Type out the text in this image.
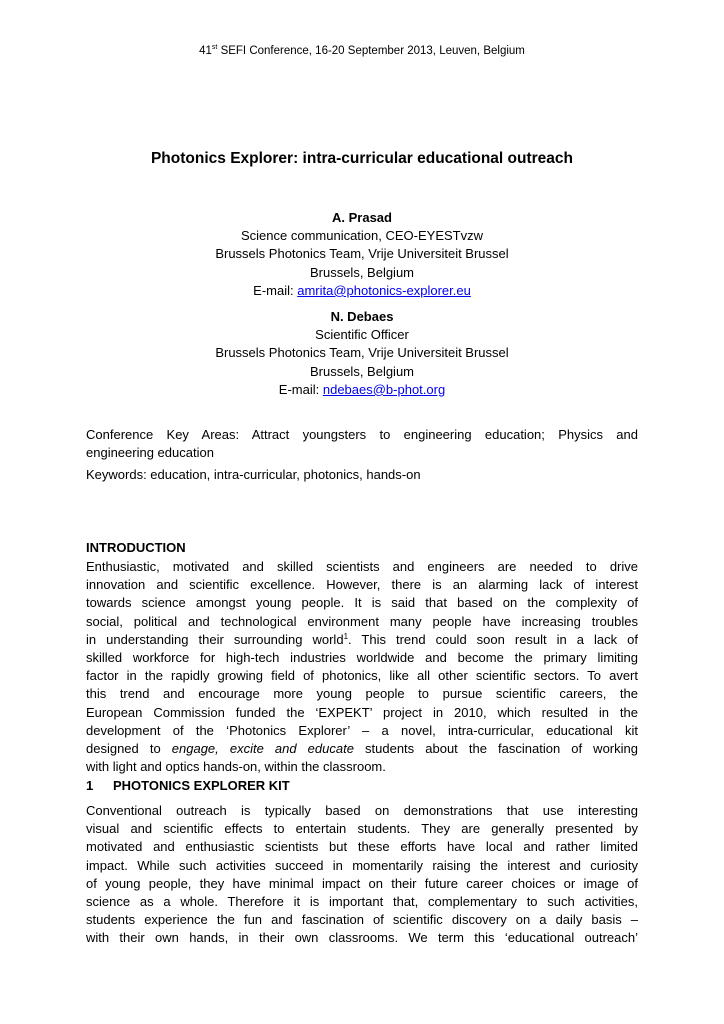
41st SEFI Conference, 16-20 September 2013, Leuven, Belgium
Photonics Explorer: intra-curricular educational outreach
A. Prasad
Science communication, CEO-EYESTvzw
Brussels Photonics Team, Vrije Universiteit Brussel
Brussels, Belgium
E-mail: amrita@photonics-explorer.eu
N. Debaes
Scientific Officer
Brussels Photonics Team, Vrije Universiteit Brussel
Brussels, Belgium
E-mail: ndebaes@b-phot.org
Conference Key Areas: Attract youngsters to engineering education; Physics and
engineering education
Keywords: education, intra-curricular, photonics, hands-on
INTRODUCTION
Enthusiastic, motivated and skilled scientists and engineers are needed to drive
innovation and scientific excellence. However, there is an alarming lack of interest
towards science amongst young people. It is said that based on the complexity of
social, political and technological environment many people have increasing troubles
in understanding their surrounding world$^1$. This trend could soon result in a lack of
skilled workforce for high-tech industries worldwide and become the primary limiting
factor in the rapidly growing field of photonics, like all other scientific sectors. To avert
this trend and encourage more young people to pursue scientific careers, the
European Commission funded the ‘EXPEKT’ project in 2010, which resulted in the
development of the ‘Photonics Explorer’ – a novel, intra-curricular, educational kit
designed to engage, excite and educate students about the fascination of working
with light and optics hands-on, within the classroom.
1 PHOTONICS EXPLORER KIT
Conventional outreach is typically based on demonstrations that use interesting
visual and scientific effects to entertain students. They are generally presented by
motivated and enthusiastic scientists but these efforts have local and rather limited
impact. While such activities succeed in momentarily raising the interest and curiosity
of young people, they have minimal impact on their future career choices or image of
science as a whole. Therefore it is important that, complementary to such activities,
students experience the fun and fascination of scientific discovery on a daily basis –
with their own hands, in their own classrooms. We term this ‘educational outreach’
